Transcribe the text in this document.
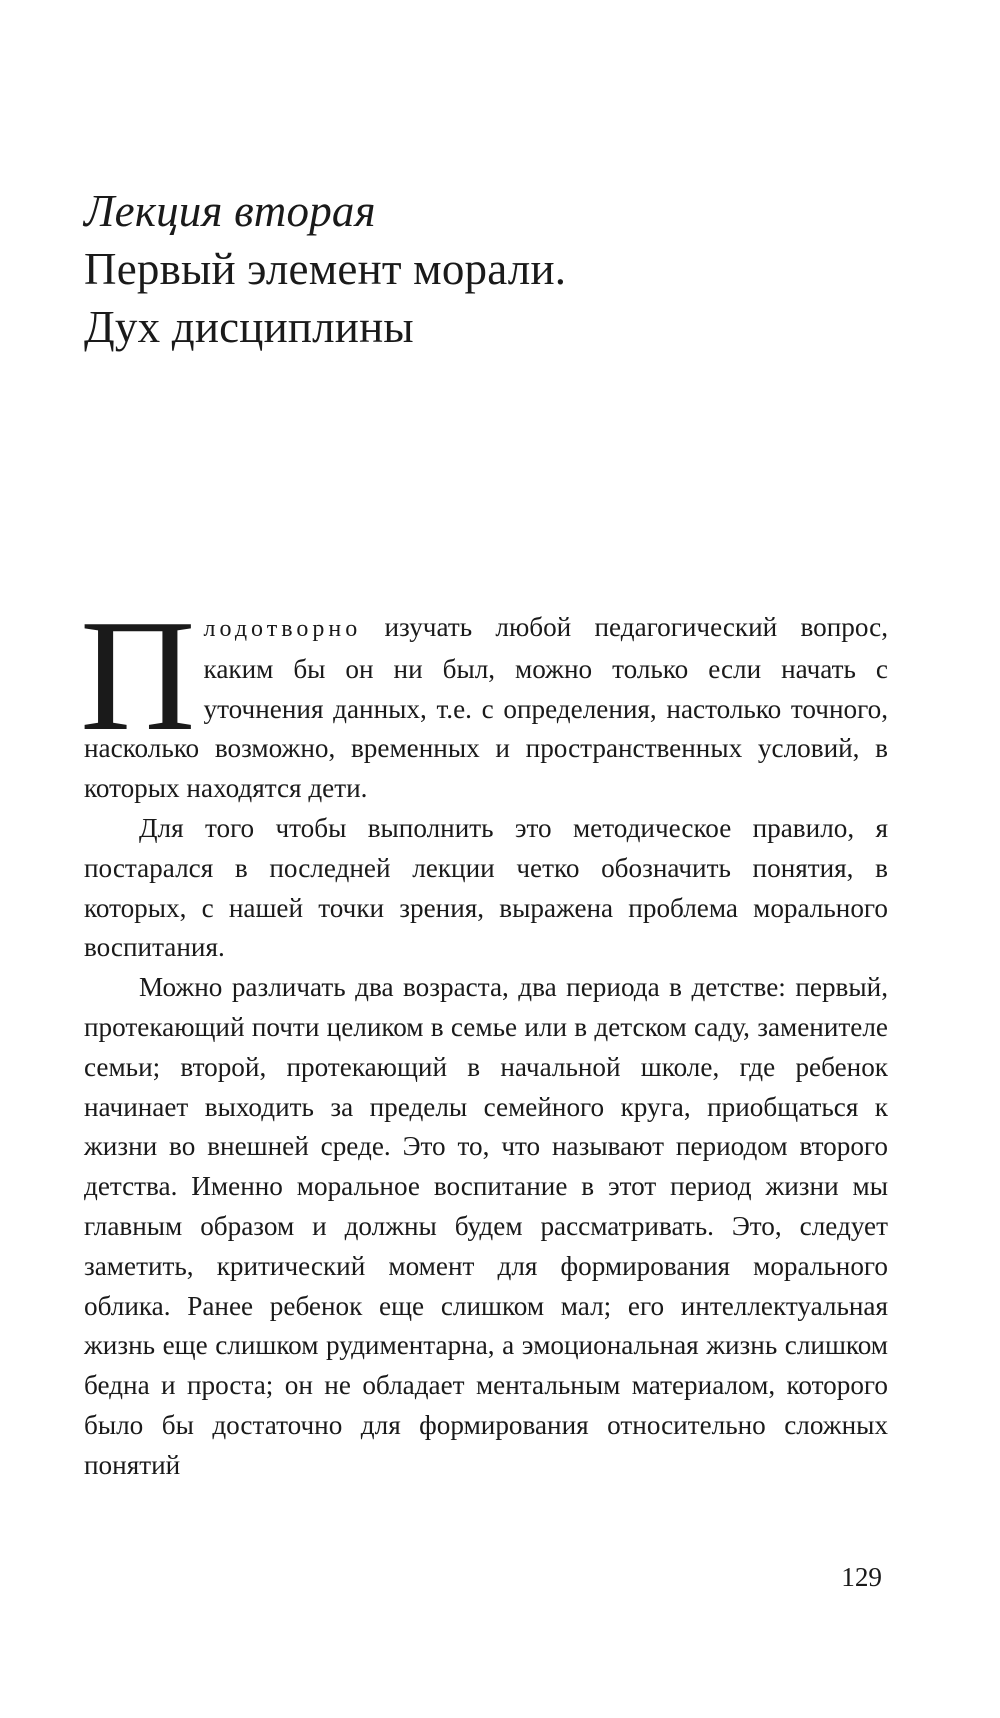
Лекция вторая
Первый элемент морали.
Дух дисциплины

Плодотворно изучать любой педагогический вопрос, каким бы он ни был, можно только если начать с уточнения данных, т.е. с определения, настолько точного, насколько возможно, временных и пространственных условий, в которых находятся дети.

Для того чтобы выполнить это методическое правило, я постарался в последней лекции четко обозначить понятия, в которых, с нашей точки зрения, выражена проблема морального воспитания.

Можно различать два возраста, два периода в детстве: первый, протекающий почти целиком в семье или в детском саду, заменителе семьи; второй, протекающий в начальной школе, где ребенок начинает выходить за пределы семейного круга, приобщаться к жизни во внешней среде. Это то, что называют периодом второго детства. Именно моральное воспитание в этот период жизни мы главным образом и должны будем рассматривать. Это, следует заметить, критический момент для формирования морального облика. Ранее ребенок еще слишком мал; его интеллектуальная жизнь еще слишком рудиментарна, а эмоциональная жизнь слишком бедна и проста; он не обладает ментальным материалом, которого было бы достаточно для формирования относительно сложных понятий

129
